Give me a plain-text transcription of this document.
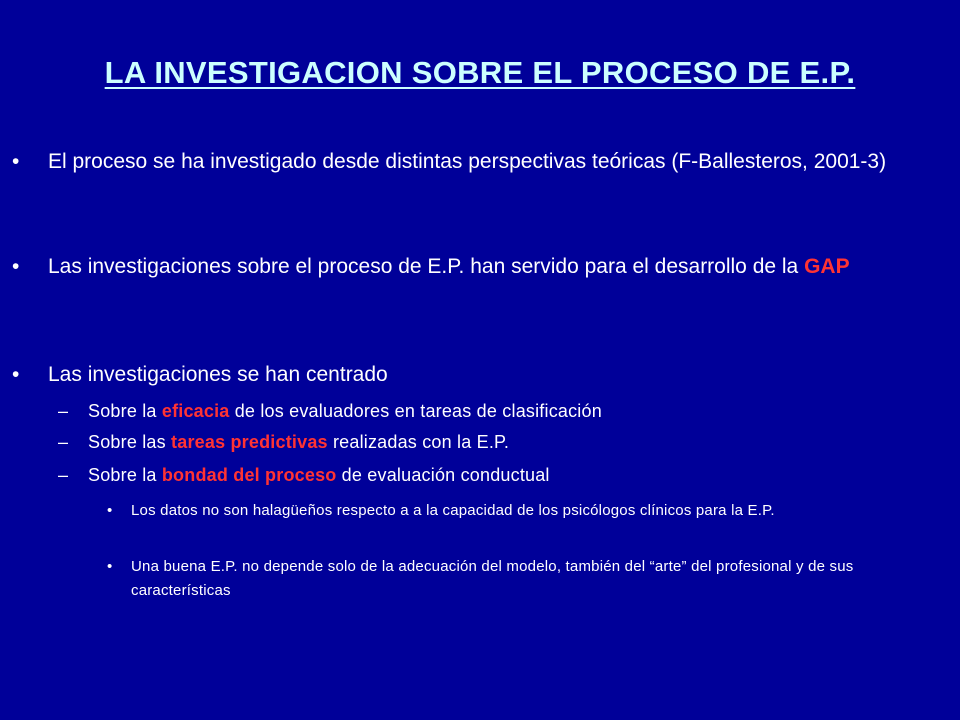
LA INVESTIGACION SOBRE EL PROCESO DE E.P.
• El proceso se ha investigado desde distintas perspectivas teóricas (F-Ballesteros, 2001-3)
• Las investigaciones sobre el proceso de E.P. han servido para el desarrollo de la GAP
• Las investigaciones se han centrado
– Sobre la eficacia de los evaluadores en tareas de clasificación
– Sobre las tareas predictivas realizadas con la E.P.
– Sobre la bondad del proceso de evaluación conductual
• Los datos no son halagüeños respecto a a la capacidad de los psicólogos clínicos para la E.P.
• Una buena E.P. no depende solo de la adecuación del modelo, también del “arte” del profesional y de sus características
